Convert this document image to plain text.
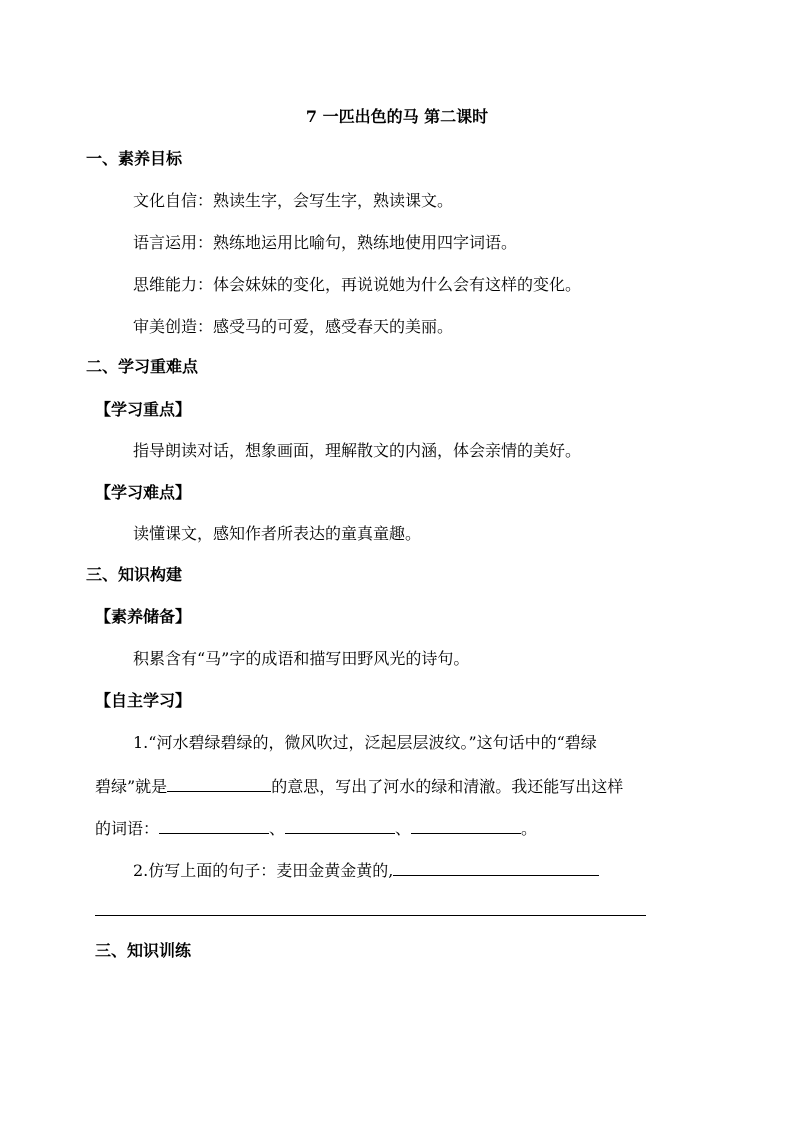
7 一匹出色的马 第二课时
一、素养目标
文化自信：熟读生字，会写生字，熟读课文。
语言运用：熟练地运用比喻句，熟练地使用四字词语。
思维能力：体会妹妹的变化，再说说她为什么会有这样的变化。
审美创造：感受马的可爱，感受春天的美丽。
二、学习重难点
【学习重点】
指导朗读对话，想象画面，理解散文的内涵，体会亲情的美好。
【学习难点】
读懂课文，感知作者所表达的童真童趣。
三、知识构建
【素养储备】
积累含有“马”字的成语和描写田野风光的诗句。
【自主学习】
1.“河水碧绿碧绿的，微风吹过，泛起层层波纹。”这句话中的“碧绿
碧绿”就是	的意思，写出了河水的绿和清澈。我还能写出这样
的词语：	、	、	。
2.仿写上面的句子：麦田金黄金黄的,
三、知识训练
